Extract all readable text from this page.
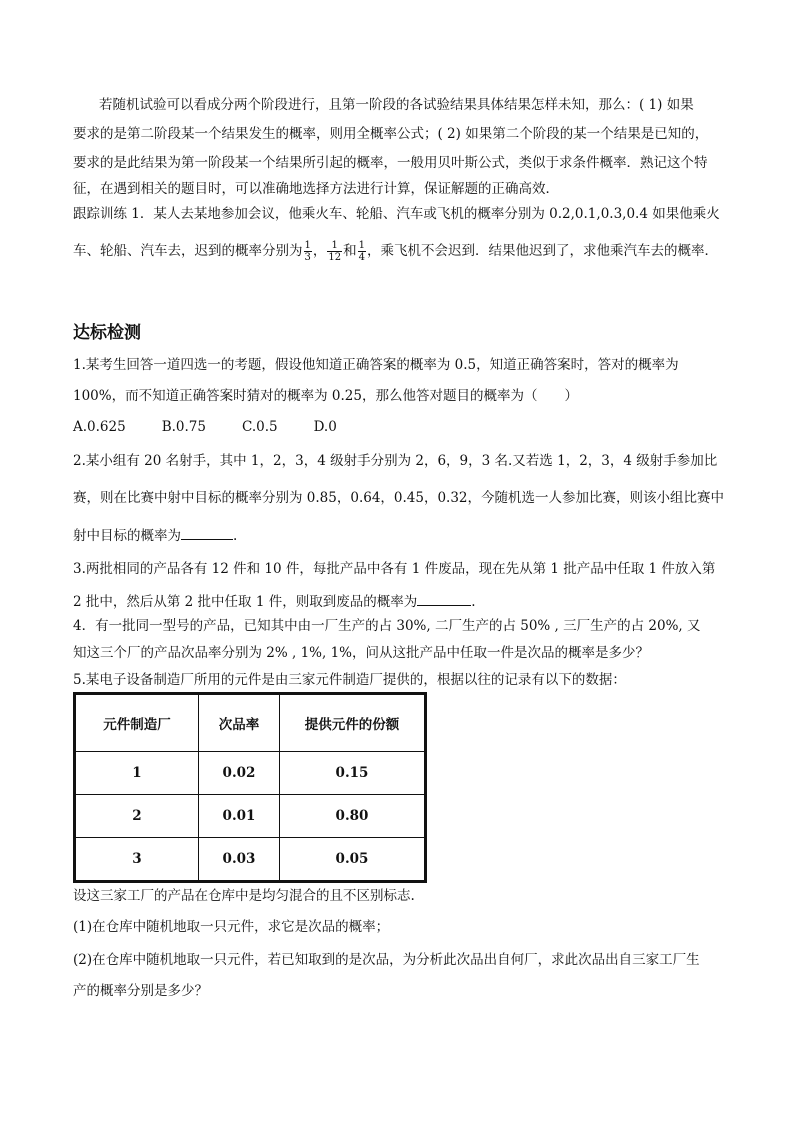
若随机试验可以看成分两个阶段进行，且第一阶段的各试验结果具体结果怎样未知，那么：( 1) 如果
要求的是第二阶段某一个结果发生的概率，则用全概率公式；( 2) 如果第二个阶段的某一个结果是已知的，
要求的是此结果为第一阶段某一个结果所引起的概率，一般用贝叶斯公式，类似于求条件概率．熟记这个特
征，在遇到相关的题目时，可以准确地选择方法进行计算，保证解题的正确高效．
跟踪训练 1．某人去某地参加会议，他乘火车、轮船、汽车或飞机的概率分别为 0.2,0.1,0.3,0.4 如果他乘火
车、轮船、汽车去，迟到的概率分别为 $\frac{1}{3}$ ， $\frac{1}{12}$ 和 $\frac{1}{4}$ ，乘飞机不会迟到．结果他迟到了，求他乘汽车去的概率．
达标检测
1.某考生回答一道四选一的考题，假设他知道正确答案的概率为 0.5，知道正确答案时，答对的概率为
100%，而不知道正确答案时猜对的概率为 0.25，那么他答对题目的概率为（　　）
A.0.625	B.0.75	C.0.5	D.0
2.某小组有 20 名射手，其中 1，2，3，4 级射手分别为 2，6，9，3 名.又若选 1，2，3，4 级射手参加比
赛，则在比赛中射中目标的概率分别为 0.85，0.64，0.45，0.32，今随机选一人参加比赛，则该小组比赛中
射中目标的概率为	.
3.两批相同的产品各有 12 件和 10 件，每批产品中各有 1 件废品，现在先从第 1 批产品中任取 1 件放入第
2 批中，然后从第 2 批中任取 1 件，则取到废品的概率为	.
4．有一批同一型号的产品，已知其中由一厂生产的占 30%, 二厂生产的占 50% , 三厂生产的占 20%, 又
知这三个厂的产品次品率分别为 2% , 1%, 1%，问从这批产品中任取一件是次品的概率是多少？
5.某电子设备制造厂所用的元件是由三家元件制造厂提供的，根据以往的记录有以下的数据：
元件制造厂	次品率	提供元件的份额
1	0.02	0.15
2	0.01	0.80
3	0.03	0.05
设这三家工厂的产品在仓库中是均匀混合的且不区别标志.
(1)在仓库中随机地取一只元件，求它是次品的概率；
(2)在仓库中随机地取一只元件，若已知取到的是次品，为分析此次品出自何厂，求此次品出自三家工厂生
产的概率分别是多少？
